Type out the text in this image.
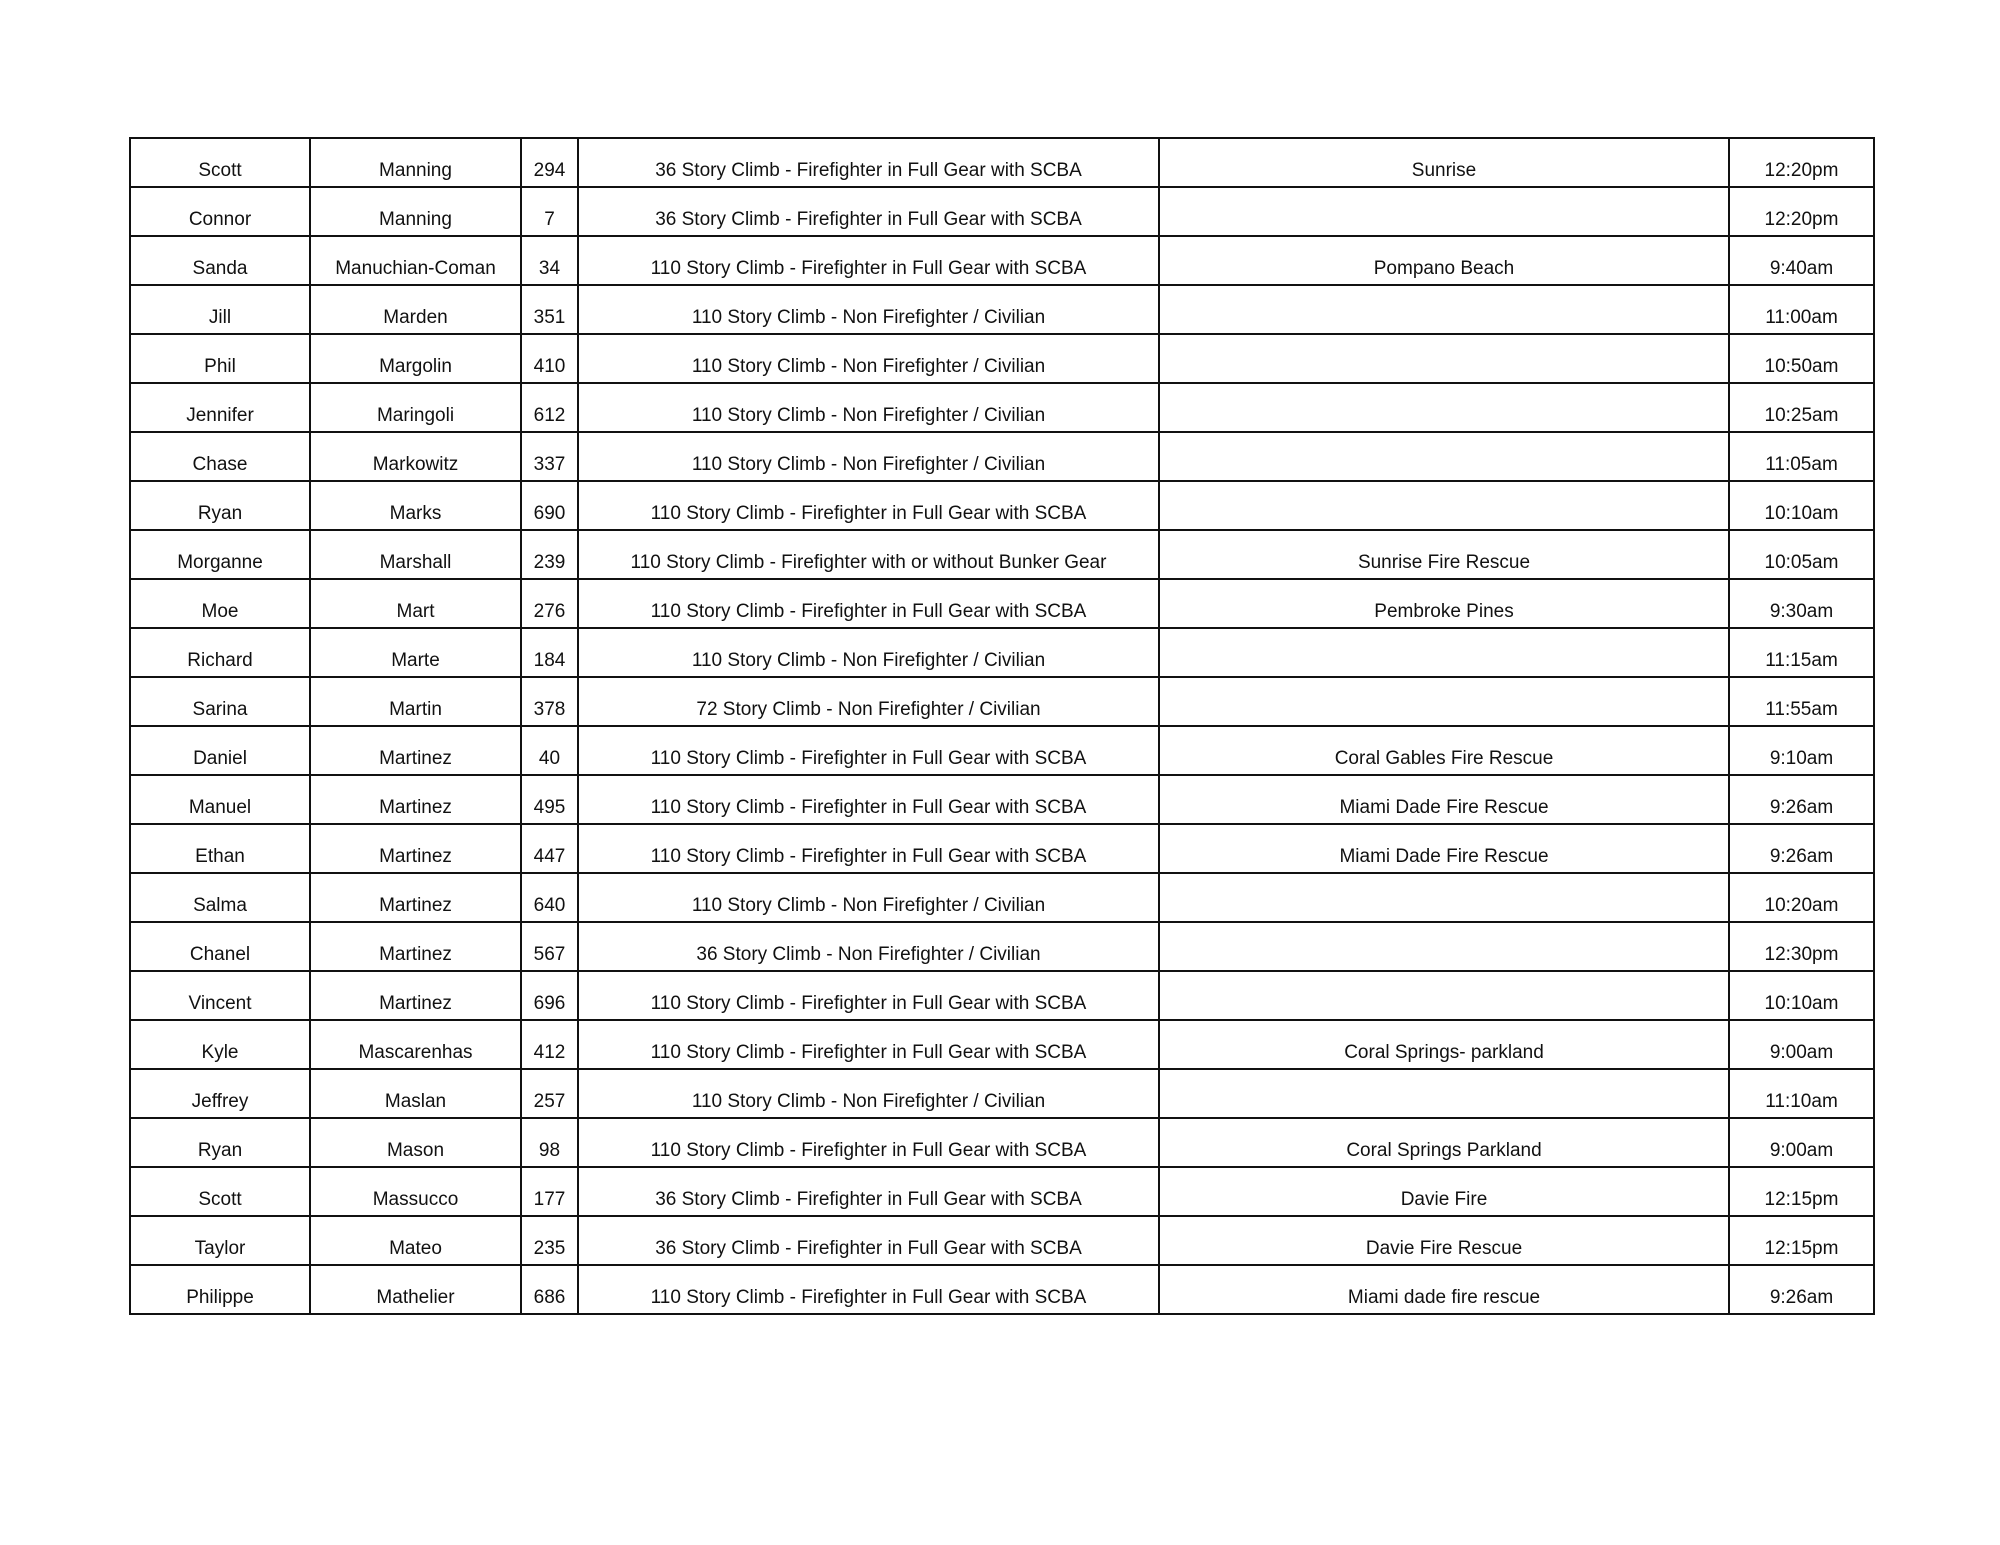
Scott	Manning	294	36 Story Climb - Firefighter in Full Gear with SCBA	Sunrise	12:20pm
Connor	Manning	7	36 Story Climb - Firefighter in Full Gear with SCBA		12:20pm
Sanda	Manuchian-Coman	34	110 Story Climb - Firefighter in Full Gear with SCBA	Pompano Beach	9:40am
Jill	Marden	351	110 Story Climb - Non Firefighter / Civilian		11:00am
Phil	Margolin	410	110 Story Climb - Non Firefighter / Civilian		10:50am
Jennifer	Maringoli	612	110 Story Climb - Non Firefighter / Civilian		10:25am
Chase	Markowitz	337	110 Story Climb - Non Firefighter / Civilian		11:05am
Ryan	Marks	690	110 Story Climb - Firefighter in Full Gear with SCBA		10:10am
Morganne	Marshall	239	110 Story Climb - Firefighter with or without Bunker Gear	Sunrise Fire Rescue	10:05am
Moe	Mart	276	110 Story Climb - Firefighter in Full Gear with SCBA	Pembroke Pines	9:30am
Richard	Marte	184	110 Story Climb - Non Firefighter / Civilian		11:15am
Sarina	Martin	378	72 Story Climb - Non Firefighter / Civilian		11:55am
Daniel	Martinez	40	110 Story Climb - Firefighter in Full Gear with SCBA	Coral Gables Fire Rescue	9:10am
Manuel	Martinez	495	110 Story Climb - Firefighter in Full Gear with SCBA	Miami Dade Fire Rescue	9:26am
Ethan	Martinez	447	110 Story Climb - Firefighter in Full Gear with SCBA	Miami Dade Fire Rescue	9:26am
Salma	Martinez	640	110 Story Climb - Non Firefighter / Civilian		10:20am
Chanel	Martinez	567	36 Story Climb - Non Firefighter / Civilian		12:30pm
Vincent	Martinez	696	110 Story Climb - Firefighter in Full Gear with SCBA		10:10am
Kyle	Mascarenhas	412	110 Story Climb - Firefighter in Full Gear with SCBA	Coral Springs- parkland	9:00am
Jeffrey	Maslan	257	110 Story Climb - Non Firefighter / Civilian		11:10am
Ryan	Mason	98	110 Story Climb - Firefighter in Full Gear with SCBA	Coral Springs Parkland	9:00am
Scott	Massucco	177	36 Story Climb - Firefighter in Full Gear with SCBA	Davie Fire	12:15pm
Taylor	Mateo	235	36 Story Climb - Firefighter in Full Gear with SCBA	Davie Fire Rescue	12:15pm
Philippe	Mathelier	686	110 Story Climb - Firefighter in Full Gear with SCBA	Miami dade fire rescue	9:26am
